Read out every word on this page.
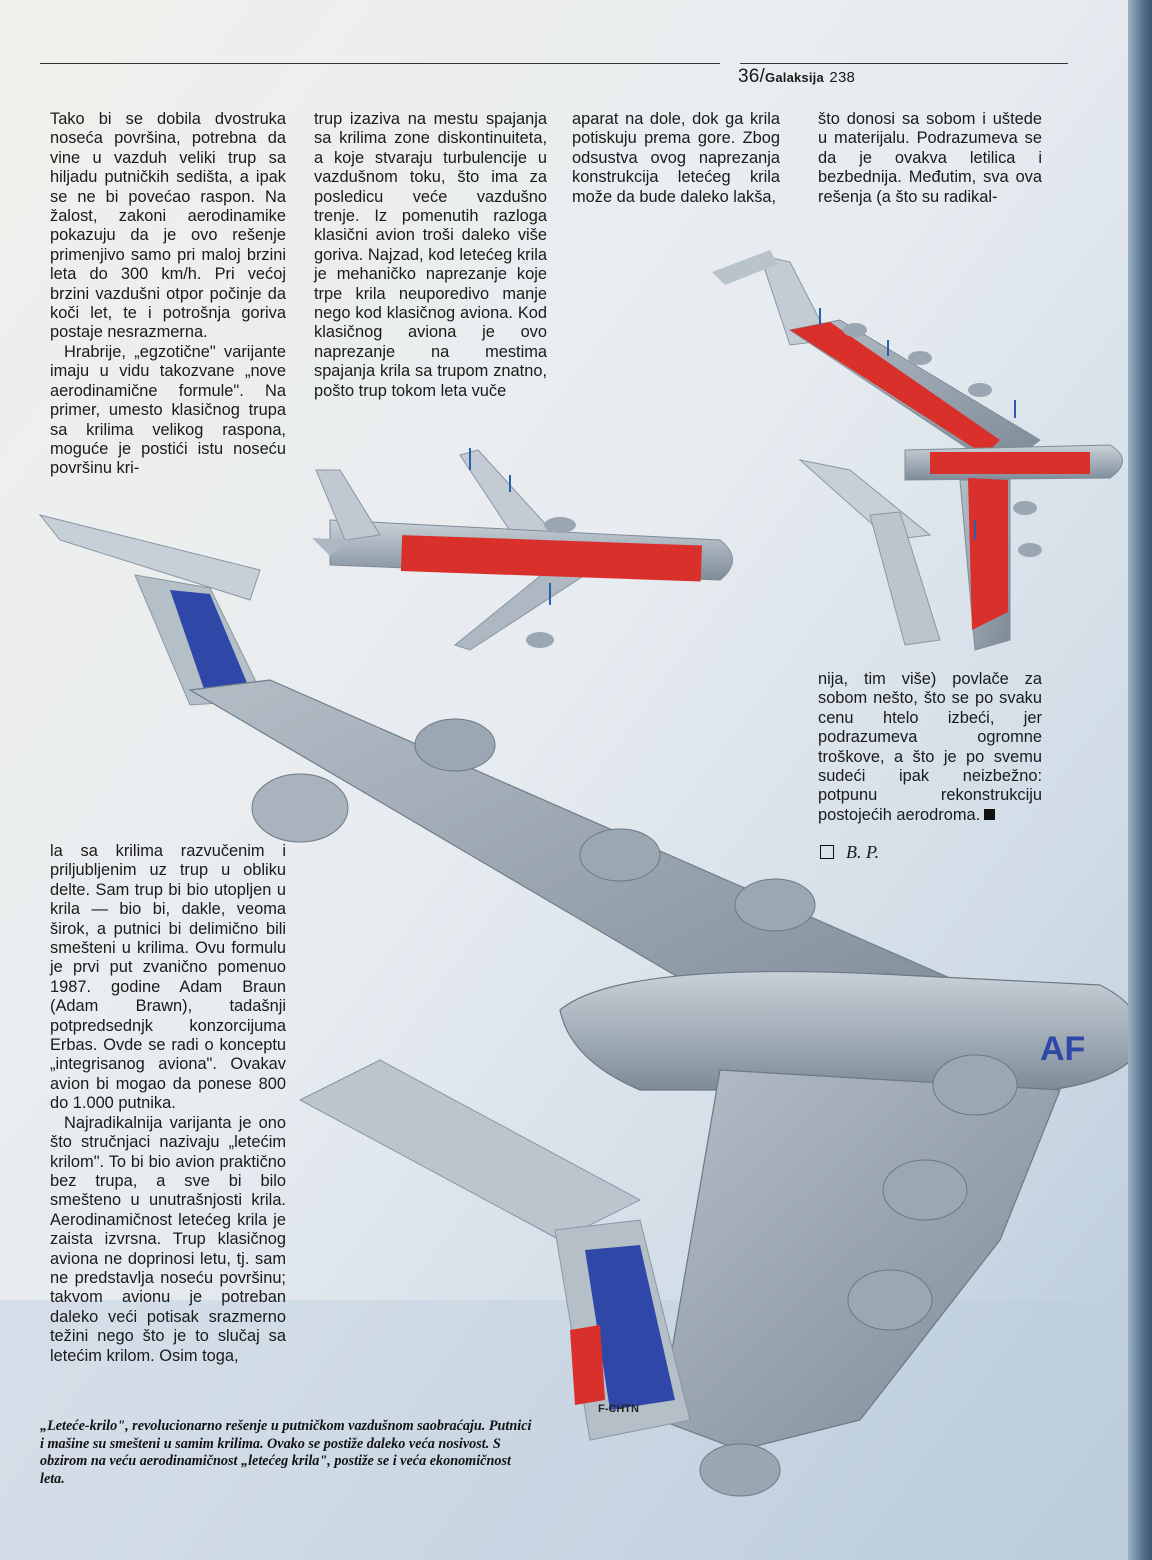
AF
F-CHTN
36/Galaksija 238

Tako bi se dobila dvostruka noseća površina, potrebna da vine u vazduh veliki trup sa hiljadu putničkih sedišta, a ipak se ne bi povećao raspon. Na žalost, zakoni aerodinamike pokazuju da je ovo rešenje primenjivo samo pri maloj brzini leta do 300 km/h. Pri većoj brzini vazdušni otpor počinje da koči let, te i potrošnja goriva postaje nesrazmerna.

Hrabrije, „egzotične" varijante imaju u vidu takozvane „nove aerodinamične formule". Na primer, umesto klasičnog trupa sa krilima velikog raspona, moguće je postići istu noseću površinu kri-

la sa krilima razvučenim i priljubljenim uz trup u obliku delte. Sam trup bi bio utopljen u krila — bio bi, dakle, veoma širok, a putnici bi delimično bili smešteni u krilima. Ovu formulu je prvi put zvanično pomenuo 1987. godine Adam Braun (Adam Brawn), tadašnji potpredsednjk konzorcijuma Erbas. Ovde se radi o konceptu „integrisanog aviona". Ovakav avion bi mogao da ponese 800 do 1.000 putnika.

Najradikalnija varijanta je ono što stručnjaci nazivaju „letećim krilom". To bi bio avion praktično bez trupa, a sve bi bilo smešteno u unutrašnjosti krila. Aerodinamičnost letećeg krila je zaista izvrsna. Trup klasičnog aviona ne doprinosi letu, tj. sam ne predstavlja noseću površinu; takvom avionu je potreban daleko veći potisak srazmerno težini nego što je to slučaj sa letećim krilom. Osim toga,

trup izaziva na mestu spajanja sa krilima zone diskontinuiteta, a koje stvaraju turbulencije u vazdušnom toku, što ima za posledicu veće vazdušno trenje. Iz pomenutih razloga klasični avion troši daleko više goriva. Najzad, kod letećeg krila je mehaničko naprezanje koje trpe krila neuporedivo manje nego kod klasičnog aviona. Kod klasičnog aviona je ovo naprezanje na mestima spajanja krila sa trupom znatno, pošto trup tokom leta vuče

aparat na dole, dok ga krila potiskuju prema gore. Zbog odsustva ovog naprezanja konstrukcija letećeg krila može da bude daleko lakša,

što donosi sa sobom i uštede u materijalu. Podrazumeva se da je ovakva letilica i bezbednija. Međutim, sva ova rešenja (a što su radikal-

nija, tim više) povlače za sobom nešto, što se po svaku cenu htelo izbeći, jer podrazumeva ogromne troškove, a što je po svemu sudeći ipak neizbežno: potpunu rekonstrukciju postojećih aerodroma.

B. P.
„Leteće-krilo", revolucionarno rešenje u putničkom vazdušnom saobraćaju. Putnici i mašine su smešteni u samim krilima. Ovako se postiže daleko veća nosivost. S obzirom na veću aerodinamičnost „letećeg krila", postiže se i veća ekonomičnost leta.
